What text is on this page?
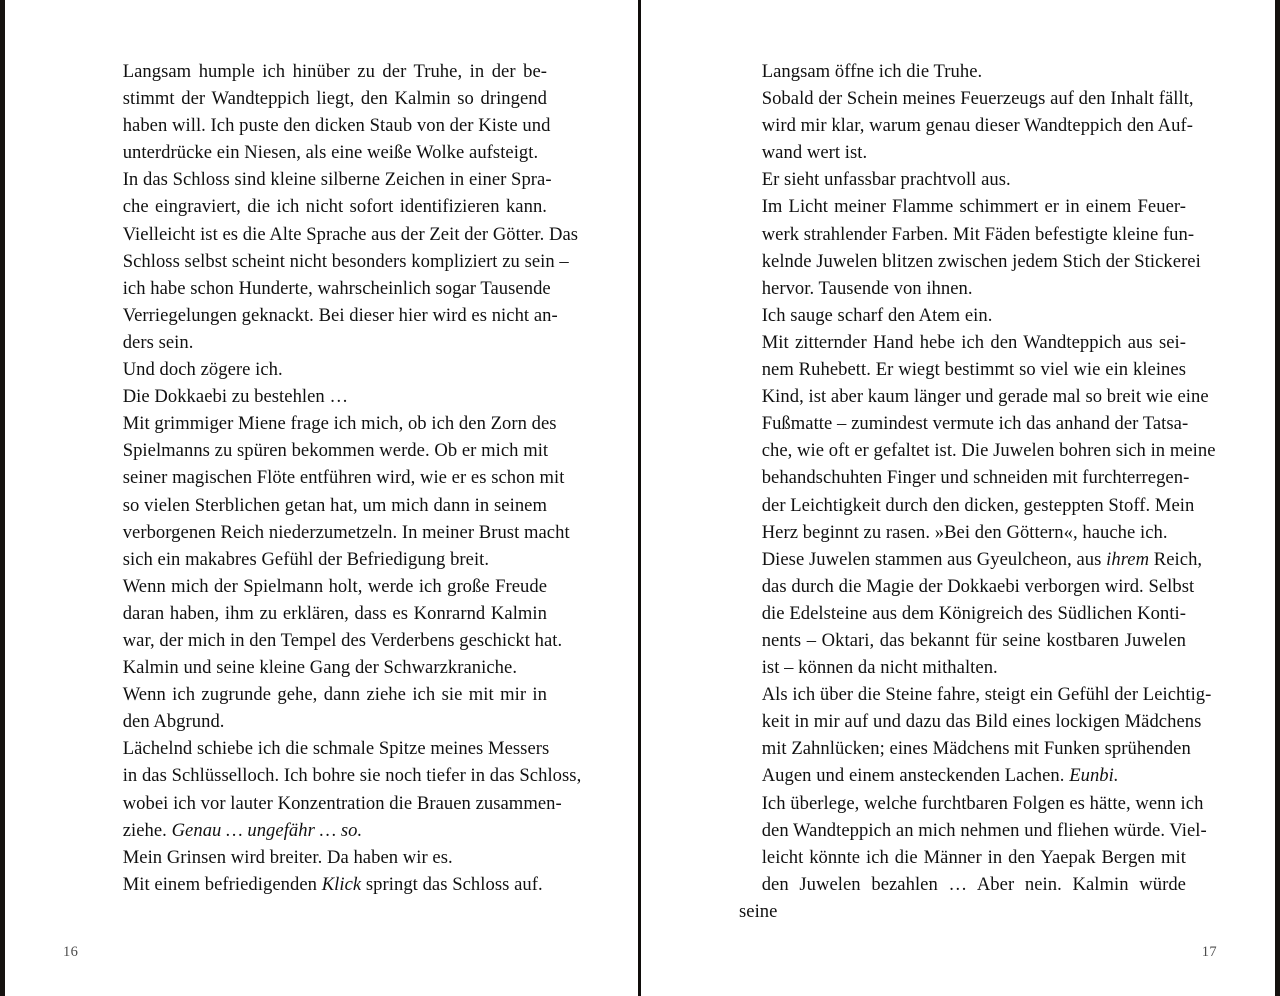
Langsam humple ich hinüber zu der Truhe, in der be-
stimmt der Wandteppich liegt, den Kalmin so dringend
haben will. Ich puste den dicken Staub von der Kiste und
unterdrücke ein Niesen, als eine weiße Wolke aufsteigt.

In das Schloss sind kleine silberne Zeichen in einer Spra-
che eingraviert, die ich nicht sofort identifizieren kann.
Vielleicht ist es die Alte Sprache aus der Zeit der Götter. Das
Schloss selbst scheint nicht besonders kompliziert zu sein –
ich habe schon Hunderte, wahrscheinlich sogar Tausende
Verriegelungen geknackt. Bei dieser hier wird es nicht an-
ders sein.

Und doch zögere ich.

Die Dokkaebi zu bestehlen …

Mit grimmiger Miene frage ich mich, ob ich den Zorn des
Spielmanns zu spüren bekommen werde. Ob er mich mit
seiner magischen Flöte entführen wird, wie er es schon mit
so vielen Sterblichen getan hat, um mich dann in seinem
verborgenen Reich niederzumetzeln. In meiner Brust macht
sich ein makabres Gefühl der Befriedigung breit.

Wenn mich der Spielmann holt, werde ich große Freude
daran haben, ihm zu erklären, dass es Konrarnd Kalmin
war, der mich in den Tempel des Verderbens geschickt hat.
Kalmin und seine kleine Gang der Schwarzkraniche.

Wenn ich zugrunde gehe, dann ziehe ich sie mit mir in
den Abgrund.

Lächelnd schiebe ich die schmale Spitze meines Messers
in das Schlüsselloch. Ich bohre sie noch tiefer in das Schloss,
wobei ich vor lauter Konzentration die Brauen zusammen-
ziehe. Genau … ungefähr … so.

Mein Grinsen wird breiter. Da haben wir es.

Mit einem befriedigenden Klick springt das Schloss auf.

16

Langsam öffne ich die Truhe.

Sobald der Schein meines Feuerzeugs auf den Inhalt fällt,
wird mir klar, warum genau dieser Wandteppich den Auf-
wand wert ist.

Er sieht unfassbar prachtvoll aus.

Im Licht meiner Flamme schimmert er in einem Feuer-
werk strahlender Farben. Mit Fäden befestigte kleine fun-
kelnde Juwelen blitzen zwischen jedem Stich der Stickerei
hervor. Tausende von ihnen.

Ich sauge scharf den Atem ein.

Mit zitternder Hand hebe ich den Wandteppich aus sei-
nem Ruhebett. Er wiegt bestimmt so viel wie ein kleines
Kind, ist aber kaum länger und gerade mal so breit wie eine
Fußmatte – zumindest vermute ich das anhand der Tatsa-
che, wie oft er gefaltet ist. Die Juwelen bohren sich in meine
behandschuhten Finger und schneiden mit furchterregen-
der Leichtigkeit durch den dicken, gesteppten Stoff. Mein
Herz beginnt zu rasen. »Bei den Göttern«, hauche ich.

Diese Juwelen stammen aus Gyeulcheon, aus ihrem Reich,
das durch die Magie der Dokkaebi verborgen wird. Selbst
die Edelsteine aus dem Königreich des Südlichen Konti-
nents – Oktari, das bekannt für seine kostbaren Juwelen
ist – können da nicht mithalten.

Als ich über die Steine fahre, steigt ein Gefühl der Leichtig-
keit in mir auf und dazu das Bild eines lockigen Mädchens
mit Zahnlücken; eines Mädchens mit Funken sprühenden
Augen und einem ansteckenden Lachen. Eunbi.

Ich überlege, welche furchtbaren Folgen es hätte, wenn ich
den Wandteppich an mich nehmen und fliehen würde. Viel-
leicht könnte ich die Männer in den Yaepak Bergen mit
den Juwelen bezahlen … Aber nein. Kalmin würde seine

17
